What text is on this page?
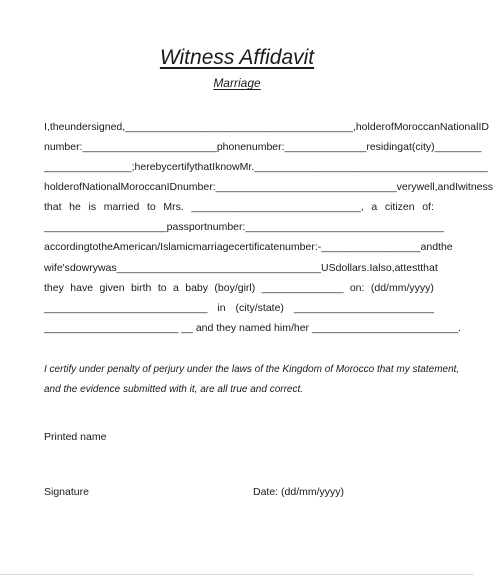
Witness Affidavit
Marriage
I, the undersigned, _______________________________________, holder of Moroccan National ID
number: _______________________ phone number: ______________ residing at (city) ________
_______________; hereby certify that I know Mr. ________________________________________
holder of National Moroccan ID number: _______________________________ very well, and I witness
that he is married to Mrs. _____________________________, a citizen of:
_____________________ passport number: __________________________________
according to the American/Islamic marriage certificate number:- _________________ and the
wife's dowry was___________________________________ US dollars. I also, attest that
they have given birth to a baby (boy/girl) ______________ on: (dd/mm/yyyy)
____________________________ in (city/state) ________________________
_______________________ __ and they named him/her _________________________.
I certify under penalty of perjury under the laws of the Kingdom of Morocco that my statement,
and the evidence submitted with it, are all true and correct.
Printed name
Signature	Date: (dd/mm/yyyy)
